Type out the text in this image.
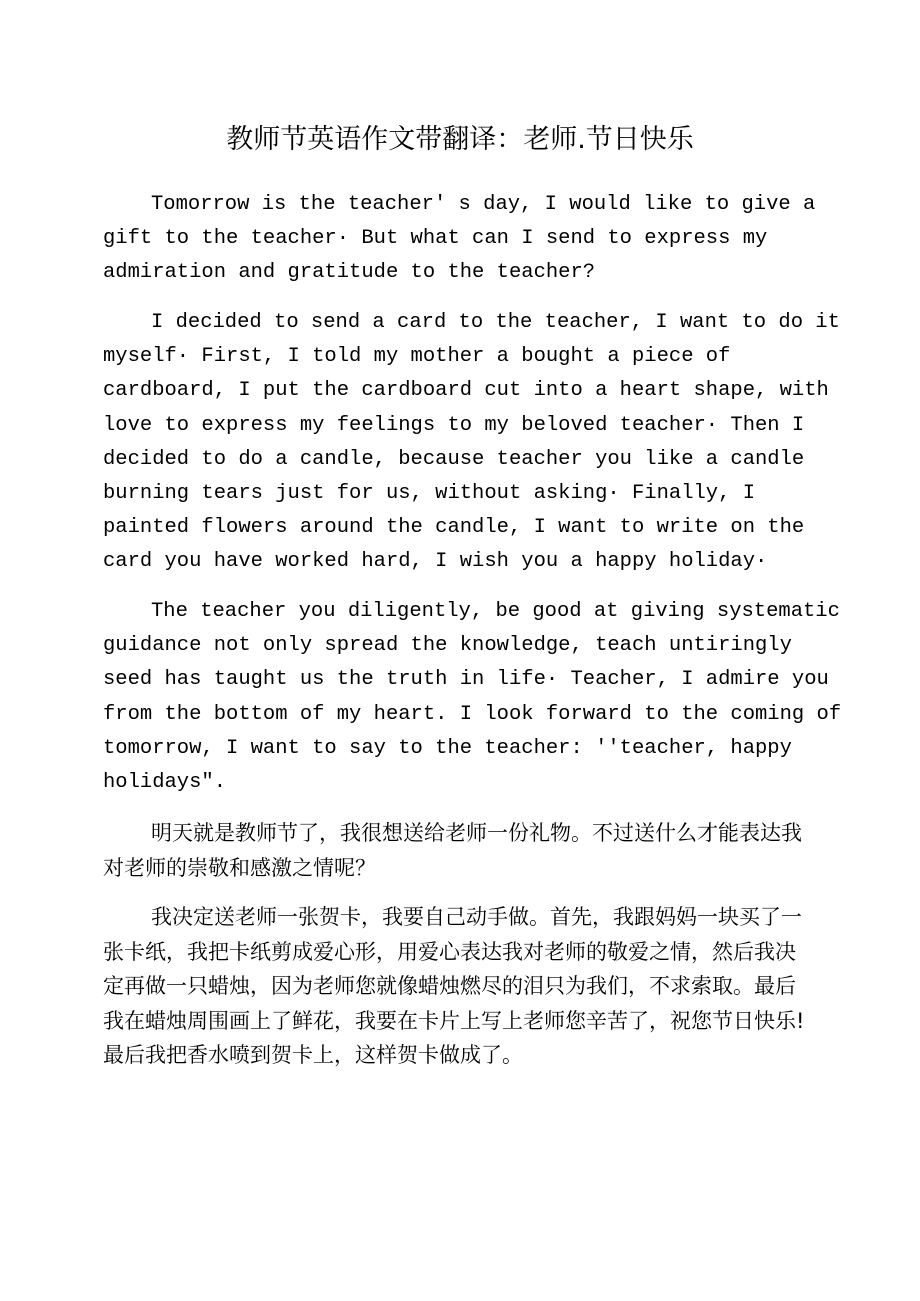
教师节英语作文带翻译：老师.节日快乐

Tomorrow is the teacher' s day, I would like to give a gift to the teacher· But what can I send to express my admiration and gratitude to the teacher?

I decided to send a card to the teacher, I want to do it myself· First, I told my mother a bought a piece of cardboard, I put the cardboard cut into a heart shape, with love to express my feelings to my beloved teacher· Then I decided to do a candle, because teacher you like a candle burning tears just for us, without asking· Finally, I painted flowers around the candle, I want to write on the card you have worked hard, I wish you a happy holiday·

The teacher you diligently, be good at giving systematic guidance not only spread the knowledge, teach untiringly seed has taught us the truth in life· Teacher, I admire you from the bottom of my heart. I look forward to the coming of tomorrow, I want to say to the teacher: ''teacher, happy holidays".

明天就是教师节了，我很想送给老师一份礼物。不过送什么才能表达我对老师的崇敬和感激之情呢？

我决定送老师一张贺卡，我要自己动手做。首先，我跟妈妈一块买了一张卡纸，我把卡纸剪成爱心形，用爱心表达我对老师的敬爱之情，然后我决定再做一只蜡烛，因为老师您就像蜡烛燃尽的泪只为我们，不求索取。最后我在蜡烛周围画上了鲜花，我要在卡片上写上老师您辛苦了，祝您节日快乐!最后我把香水喷到贺卡上，这样贺卡做成了。
